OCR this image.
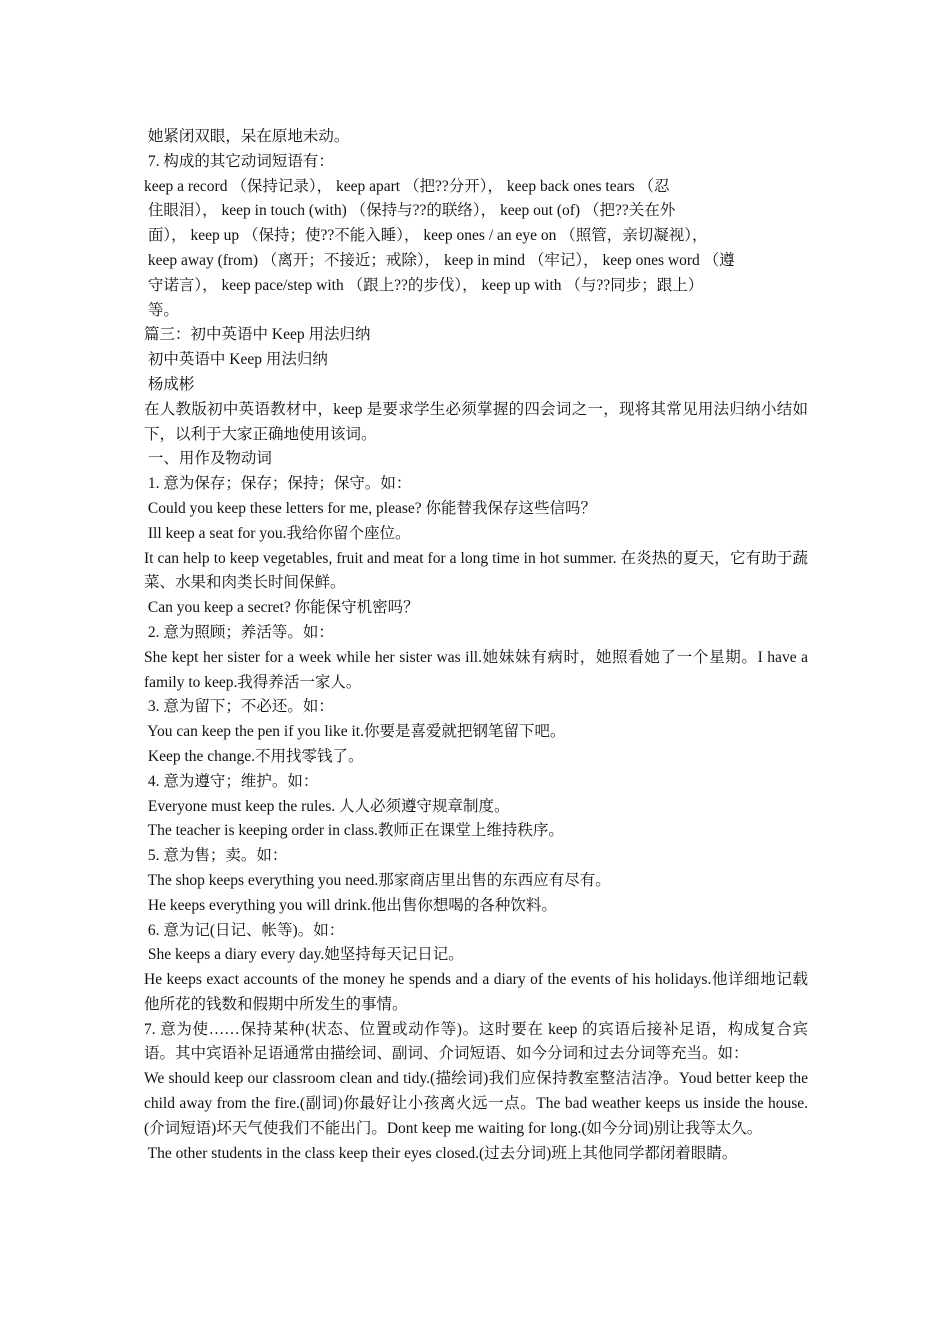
她紧闭双眼，呆在原地未动。
7. 构成的其它动词短语有：
keep a record （保持记录）， keep apart （把??分开）， keep back ones tears （忍
住眼泪）， keep in touch (with) （保持与??的联络）， keep out (of) （把??关在外
面）， keep up （保持；使??不能入睡）， keep ones / an eye on （照管，亲切凝视），
keep away (from) （离开；不接近；戒除）， keep in mind （牢记）， keep ones word （遵
守诺言）， keep pace/step with （跟上??的步伐）， keep up with （与??同步；跟上）
等。
篇三：初中英语中 Keep 用法归纳
初中英语中 Keep 用法归纳
杨成彬
在人教版初中英语教材中，keep 是要求学生必须掌握的四会词之一，现将其常见用法归纳小结如下，以利于大家正确地使用该词。
一、用作及物动词
1. 意为保存；保存；保持；保守。如：
Could you keep these letters for me, please? 你能替我保存这些信吗？
Ill keep a seat for you.我给你留个座位。
It can help to keep vegetables, fruit and meat for a long time in hot summer. 在炎热的夏天，它有助于蔬菜、水果和肉类长时间保鲜。
Can you keep a secret? 你能保守机密吗？
2. 意为照顾；养活等。如：
She kept her sister for a week while her sister was ill.她妹妹有病时，她照看她了一个星期。I have a family to keep.我得养活一家人。
3. 意为留下；不必还。如：
You can keep the pen if you like it.你要是喜爱就把钢笔留下吧。
Keep the change.不用找零钱了。
4. 意为遵守；维护。如：
Everyone must keep the rules. 人人必须遵守规章制度。
The teacher is keeping order in class.教师正在课堂上维持秩序。
5. 意为售；卖。如：
The shop keeps everything you need.那家商店里出售的东西应有尽有。
He keeps everything you will drink.他出售你想喝的各种饮料。
6. 意为记(日记、帐等)。如：
She keeps a diary every day.她坚持每天记日记。
He keeps exact accounts of the money he spends and a diary of the events of his holidays.他详细地记载他所花的钱数和假期中所发生的事情。
7. 意为使……保持某种(状态、位置或动作等)。这时要在 keep 的宾语后接补足语，构成复合宾语。其中宾语补足语通常由描绘词、副词、介词短语、如今分词和过去分词等充当。如：
We should keep our classroom clean and tidy.(描绘词)我们应保持教室整洁洁净。Youd better keep the child away from the fire.(副词)你最好让小孩离火远一点。The bad weather keeps us inside the house.(介词短语)坏天气使我们不能出门。Dont keep me waiting for long.(如今分词)别让我等太久。
The other students in the class keep their eyes closed.(过去分词)班上其他同学都闭着眼睛。
